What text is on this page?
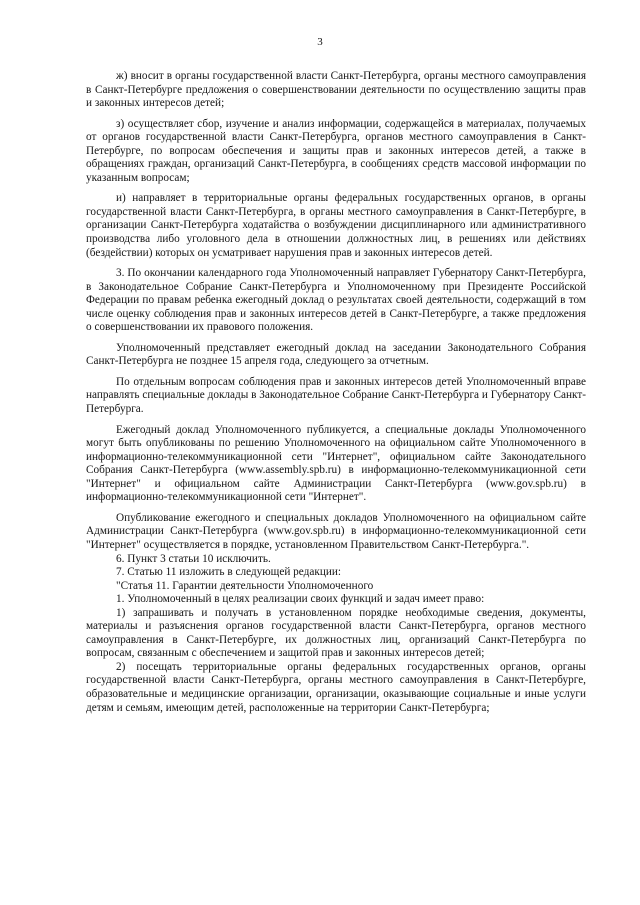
3

ж) вносит в органы государственной власти Санкт-Петербурга, органы местного самоуправления в Санкт-Петербурге предложения о совершенствовании деятельности по осуществлению защиты прав и законных интересов детей;

з) осуществляет сбор, изучение и анализ информации, содержащейся в материалах, получаемых от органов государственной власти Санкт-Петербурга, органов местного самоуправления в Санкт-Петербурге, по вопросам обеспечения и защиты прав и законных интересов детей, а также в обращениях граждан, организаций Санкт-Петербурга, в сообщениях средств массовой информации по указанным вопросам;

и) направляет в территориальные органы федеральных государственных органов, в органы государственной власти Санкт-Петербурга, в органы местного самоуправления в Санкт-Петербурге, в организации Санкт-Петербурга ходатайства о возбуждении дисциплинарного или административного производства либо уголовного дела в отношении должностных лиц, в решениях или действиях (бездействии) которых он усматривает нарушения прав и законных интересов детей.

3. По окончании календарного года Уполномоченный направляет Губернатору Санкт-Петербурга, в Законодательное Собрание Санкт-Петербурга и Уполномоченному при Президенте Российской Федерации по правам ребенка ежегодный доклад о результатах своей деятельности, содержащий в том числе оценку соблюдения прав и законных интересов детей в Санкт-Петербурге, а также предложения о совершенствовании их правового положения.

Уполномоченный представляет ежегодный доклад на заседании Законодательного Собрания Санкт-Петербурга не позднее 15 апреля года, следующего за отчетным.

По отдельным вопросам соблюдения прав и законных интересов детей Уполномоченный вправе направлять специальные доклады в Законодательное Собрание Санкт-Петербурга и Губернатору Санкт-Петербурга.

Ежегодный доклад Уполномоченного публикуется, а специальные доклады Уполномоченного могут быть опубликованы по решению Уполномоченного на официальном сайте Уполномоченного в информационно-телекоммуникационной сети "Интернет", официальном сайте Законодательного Собрания Санкт-Петербурга (www.assembly.spb.ru) в информационно-телекоммуникационной сети "Интернет" и официальном сайте Администрации Санкт-Петербурга (www.gov.spb.ru) в информационно-телекоммуникационной сети "Интернет".

Опубликование ежегодного и специальных докладов Уполномоченного на официальном сайте Администрации Санкт-Петербурга (www.gov.spb.ru) в информационно-телекоммуникационной сети "Интернет" осуществляется в порядке, установленном Правительством Санкт-Петербурга.".

6. Пункт 3 статьи 10 исключить.

7. Статью 11 изложить в следующей редакции:

"Статья 11. Гарантии деятельности Уполномоченного

1. Уполномоченный в целях реализации своих функций и задач имеет право:

1) запрашивать и получать в установленном порядке необходимые сведения, документы, материалы и разъяснения органов государственной власти Санкт-Петербурга, органов местного самоуправления в Санкт-Петербурге, их должностных лиц, организаций Санкт-Петербурга по вопросам, связанным с обеспечением и защитой прав и законных интересов детей;

2) посещать территориальные органы федеральных государственных органов, органы государственной власти Санкт-Петербурга, органы местного самоуправления в Санкт-Петербурге, образовательные и медицинские организации, организации, оказывающие социальные и иные услуги детям и семьям, имеющим детей, расположенные на территории Санкт-Петербурга;
